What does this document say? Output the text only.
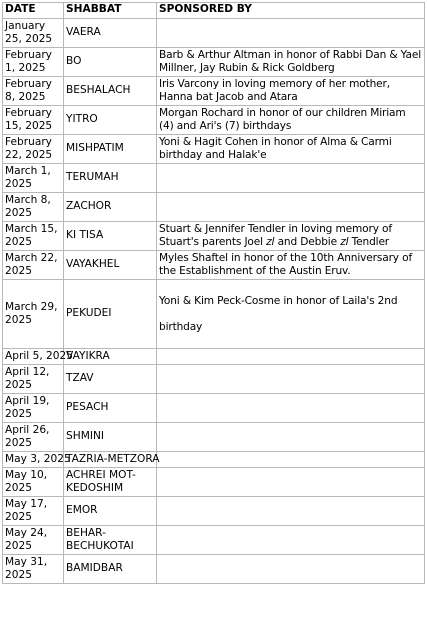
DATE	SHABBAT	SPONSORED BY
January 25, 2025	VAERA	
February 1, 2025	BO	Barb & Arthur Altman in honor of Rabbi Dan & Yael Millner, Jay Rubin & Rick Goldberg
February 8, 2025	BESHALACH	Iris Varcony in loving memory of her mother, Hanna bat Jacob and Atara
February 15, 2025	YITRO	Morgan Rochard in honor of our children Miriam (4) and Ari's (7) birthdays
February 22, 2025	MISHPATIM	Yoni & Hagit Cohen in honor of Alma & Carmi birthday and Halak'e
March 1, 2025	TERUMAH	
March 8, 2025	ZACHOR	
March 15, 2025	KI TISA	Stuart & Jennifer Tendler in loving memory of Stuart's parents Joel zl and Debbie zl Tendler
March 22, 2025	VAYAKHEL	Myles Shaftel in honor of the 10th Anniversary of the Establishment of the Austin Eruv.
March 29, 2025	PEKUDEI	Yoni & Kim Peck-Cosme in honor of Laila's 2nd birthday
April 5, 2025	VAYIKRA	
April 12, 2025	TZAV	
April 19, 2025	PESACH	
April 26, 2025	SHMINI	
May 3, 2025	TAZRIA-METZORA	
May 10, 2025	ACHREI MOT-KEDOSHIM	
May 17, 2025	EMOR	
May 24, 2025	BEHAR-BECHUKOTAI	
May 31, 2025	BAMIDBAR	
